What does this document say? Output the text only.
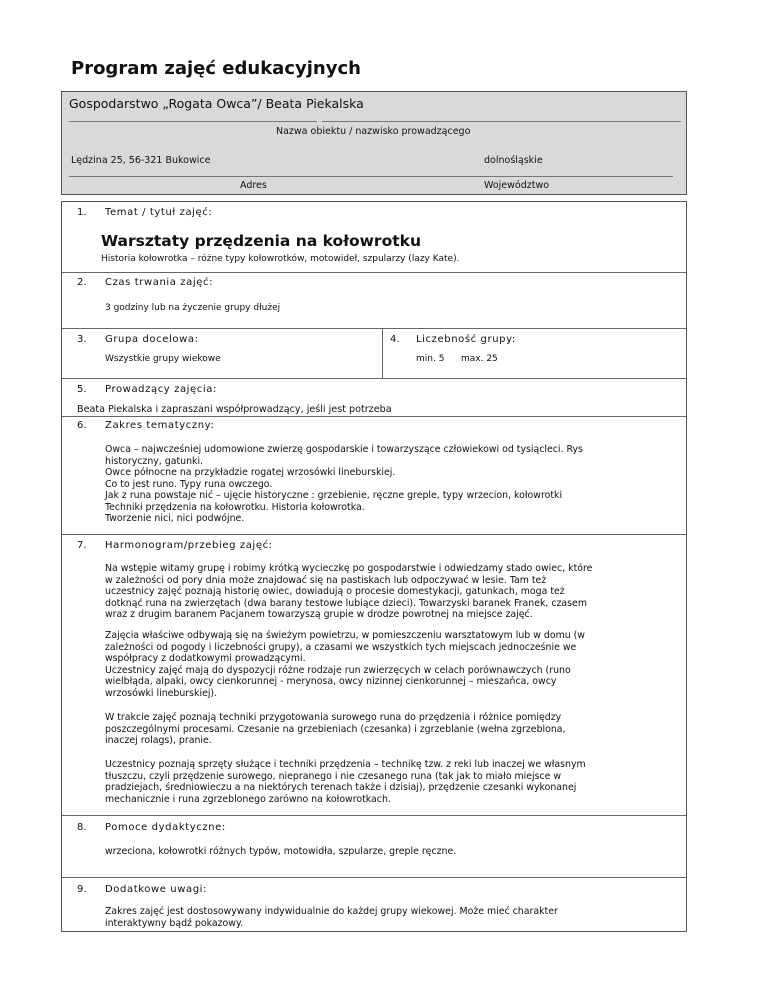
Program zajęć edukacyjnych
Gospodarstwo „Rogata Owca”/ Beata Piekalska
Nazwa obiektu / nazwisko prowadzącego
Lędzina 25, 56-321 Bukowice	dolnośląskie
Adres	Województwo
1. Temat / tytuł zajęć:
Warsztaty przędzenia na kołowrotku
Historia kołowrotka – różne typy kołowrotków, motowideł, szpularzy (lazy Kate).
2. Czas trwania zajęć:
3 godziny lub na życzenie grupy dłużej
3. Grupa docelowa:
Wszystkie grupy wiekowe
4. Liczebność grupy:
min. 5 max. 25
5. Prowadzący zajęcia:
Beata Piekalska i zapraszani współprowadzący, jeśli jest potrzeba
6. Zakres tematyczny:
Owca – najwcześniej udomowione zwierzę gospodarskie i towarzyszące człowiekowi od tysiącleci. Rys
historyczny, gatunki.
Owce północne na przykładzie rogatej wrzosówki lineburskiej.
Co to jest runo. Typy runa owczego.
Jak z runa powstaje nić – ujęcie historyczne : grzebienie, ręczne greple, typy wrzecion, kołowrotki
Techniki przędzenia na kołowrotku. Historia kołowrotka.
Tworzenie nici, nici podwójne.
7. Harmonogram/przebieg zajęć:
Na wstępie witamy grupę i robimy krótką wycieczkę po gospodarstwie i odwiedzamy stado owiec, które
w zależności od pory dnia może znajdować się na pastiskach lub odpoczywać w lesie. Tam też
uczestnicy zajęć poznają historię owiec, dowiadują o procesie domestykacji, gatunkach, moga też
dotknąć runa na zwierzętach (dwa barany testowe lubiące dzieci). Towarzyski baranek Franek, czasem
wraz z drugim baranem Pacjanem towarzyszą grupie w drodze powrotnej na miejsce zajęć.
Zajęcia właściwe odbywają się na świeżym powietrzu, w pomieszczeniu warsztatowym lub w domu (w
zależności od pogody i liczebności grupy), a czasami we wszystkich tych miejscach jednocześnie we
współpracy z dodatkowymi prowadzącymi.
Uczestnicy zajęć mają do dyspozycji różne rodzaje run zwierzęcych w celach porównawczych (runo
wielbłąda, alpaki, owcy cienkorunnej - merynosa, owcy nizinnej cienkorunnej – mieszańca, owcy
wrzosówki lineburskiej).
W trakcie zajęć poznają techniki przygotowania surowego runa do przędzenia i różnice pomiędzy
poszczególnymi procesami. Czesanie na grzebieniach (czesanka) i zgrzeblanie (wełna zgrzeblona,
inaczej rolags), pranie.
Uczestnicy poznają sprzęty służące i techniki przędzenia – technikę tzw. z reki lub inaczej we własnym
tłuszczu, czyli przędzenie surowego, niepranego i nie czesanego runa (tak jak to miało miejsce w
pradziejach, średniowieczu a na niektórych terenach także i dzisiaj), przędzenie czesanki wykonanej
mechanicznie i runa zgrzeblonego zarówno na kołowrotkach.
8. Pomoce dydaktyczne:
wrzeciona, kołowrotki różnych typów, motowidła, szpularze, greple ręczne.
9. Dodatkowe uwagi:
Zakres zajęć jest dostosowywany indywidualnie do każdej grupy wiekowej. Może mieć charakter
interaktywny bądź pokazowy.
